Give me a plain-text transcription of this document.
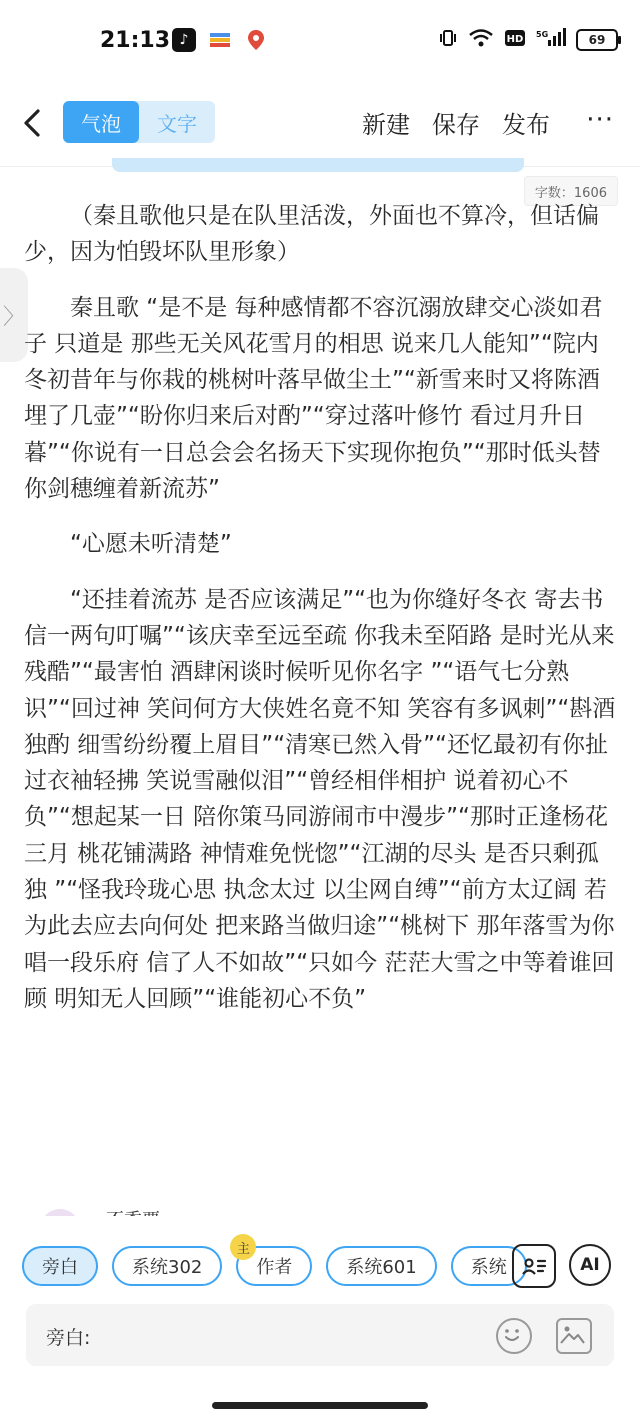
21:13 ♪	HD 5G	69
气泡	文字	新建 保存 发布 ···
字数：1606
〉

（秦且歌他只是在队里活泼，外面也不算冷，但话偏少，因为怕毁坏队里形象）

秦且歌 “是不是 每种感情都不容沉溺放肆交心淡如君子 只道是 那些无关风花雪月的相思 说来几人能知”“院内冬初昔年与你栽的桃树叶落早做尘土”“新雪来时又将陈酒埋了几壶”“盼你归来后对酌”“穿过落叶修竹 看过月升日暮”“你说有一日总会会名扬天下实现你抱负”“那时低头替你剑穗缠着新流苏”

“心愿未听清楚”

“还挂着流苏 是否应该满足”“也为你缝好冬衣 寄去书信一两句叮嘱”“该庆幸至远至疏 你我未至陌路 是时光从来残酷”“最害怕 酒肆闲谈时候听见你名字 ”“语气七分熟识”“回过神 笑问何方大侠姓名竟不知 笑容有多讽刺”“斟酒独酌 细雪纷纷覆上眉目”“清寒已然入骨”“还忆最初有你扯过衣袖轻拂 笑说雪融似泪”“曾经相伴相护 说着初心不负”“想起某一日 陪你策马同游闹市中漫步”“那时正逢杨花三月 桃花铺满路 神情难免恍惚”“江湖的尽头 是否只剩孤独 ”“怪我玲珑心思 执念太过 以尘网自缚”“前方太辽阔 若为此去应去向何处 把来路当做归途”“桃树下 那年落雪为你唱一段乐府 信了人不如故”“只如今 茫茫大雪之中等着谁回顾 明知无人回顾”“谁能初心不负”

旁白	系统302
主
作者	系统601	系统	AI
旁白:
